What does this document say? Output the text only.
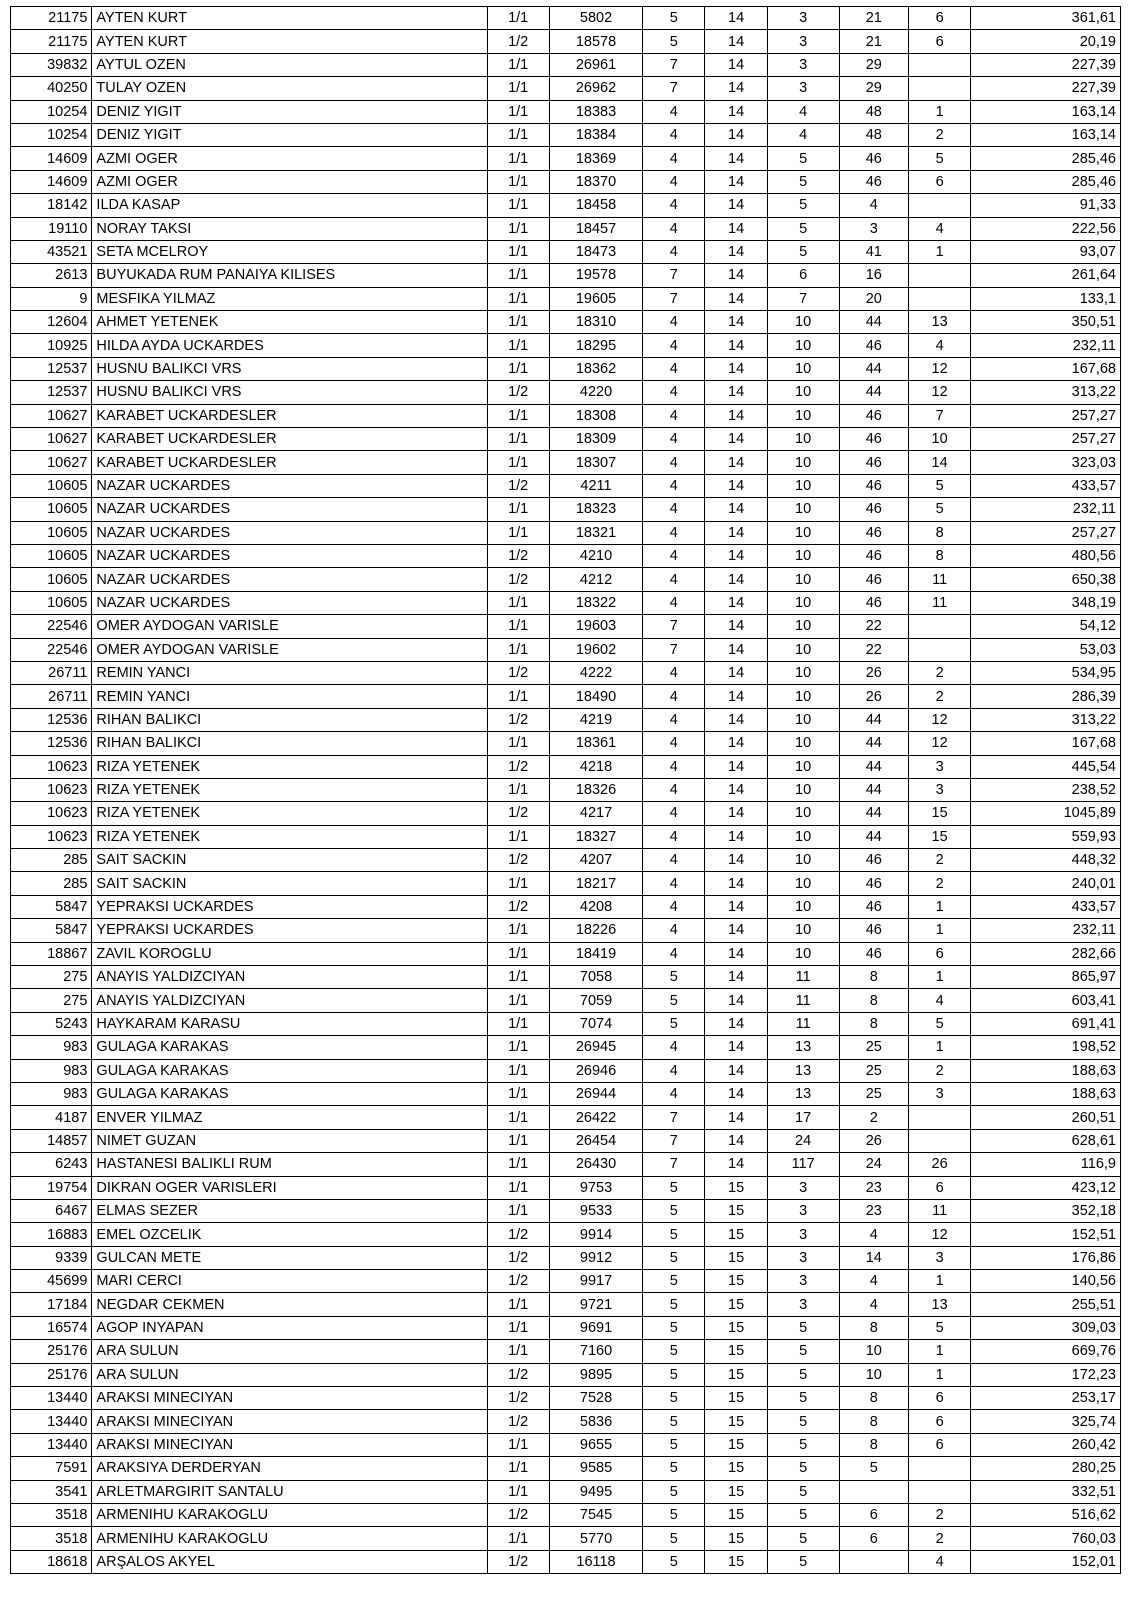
21175	AYTEN KURT	1/1	5802	5	14	3	21	6	361,61
21175	AYTEN KURT	1/2	18578	5	14	3	21	6	20,19
39832	AYTUL OZEN	1/1	26961	7	14	3	29		227,39
40250	TULAY OZEN	1/1	26962	7	14	3	29		227,39
10254	DENIZ YIGIT	1/1	18383	4	14	4	48	1	163,14
10254	DENIZ YIGIT	1/1	18384	4	14	4	48	2	163,14
14609	AZMI OGER	1/1	18369	4	14	5	46	5	285,46
14609	AZMI OGER	1/1	18370	4	14	5	46	6	285,46
18142	ILDA KASAP	1/1	18458	4	14	5	4		91,33
19110	NORAY TAKSI	1/1	18457	4	14	5	3	4	222,56
43521	SETA MCELROY	1/1	18473	4	14	5	41	1	93,07
2613	BUYUKADA RUM PANAIYA KILISES	1/1	19578	7	14	6	16		261,64
9	MESFIKA YILMAZ	1/1	19605	7	14	7	20		133,1
12604	AHMET YETENEK	1/1	18310	4	14	10	44	13	350,51
10925	HILDA AYDA UCKARDES	1/1	18295	4	14	10	46	4	232,11
12537	HUSNU BALIKCI VRS	1/1	18362	4	14	10	44	12	167,68
12537	HUSNU BALIKCI VRS	1/2	4220	4	14	10	44	12	313,22
10627	KARABET UCKARDESLER	1/1	18308	4	14	10	46	7	257,27
10627	KARABET UCKARDESLER	1/1	18309	4	14	10	46	10	257,27
10627	KARABET UCKARDESLER	1/1	18307	4	14	10	46	14	323,03
10605	NAZAR UCKARDES	1/2	4211	4	14	10	46	5	433,57
10605	NAZAR UCKARDES	1/1	18323	4	14	10	46	5	232,11
10605	NAZAR UCKARDES	1/1	18321	4	14	10	46	8	257,27
10605	NAZAR UCKARDES	1/2	4210	4	14	10	46	8	480,56
10605	NAZAR UCKARDES	1/2	4212	4	14	10	46	11	650,38
10605	NAZAR UCKARDES	1/1	18322	4	14	10	46	11	348,19
22546	OMER AYDOGAN VARISLE	1/1	19603	7	14	10	22		54,12
22546	OMER AYDOGAN VARISLE	1/1	19602	7	14	10	22		53,03
26711	REMIN YANCI	1/2	4222	4	14	10	26	2	534,95
26711	REMIN YANCI	1/1	18490	4	14	10	26	2	286,39
12536	RIHAN BALIKCI	1/2	4219	4	14	10	44	12	313,22
12536	RIHAN BALIKCI	1/1	18361	4	14	10	44	12	167,68
10623	RIZA YETENEK	1/2	4218	4	14	10	44	3	445,54
10623	RIZA YETENEK	1/1	18326	4	14	10	44	3	238,52
10623	RIZA YETENEK	1/2	4217	4	14	10	44	15	1045,89
10623	RIZA YETENEK	1/1	18327	4	14	10	44	15	559,93
285	SAIT SACKIN	1/2	4207	4	14	10	46	2	448,32
285	SAIT SACKIN	1/1	18217	4	14	10	46	2	240,01
5847	YEPRAKSI UCKARDES	1/2	4208	4	14	10	46	1	433,57
5847	YEPRAKSI UCKARDES	1/1	18226	4	14	10	46	1	232,11
18867	ZAVIL KOROGLU	1/1	18419	4	14	10	46	6	282,66
275	ANAYIS YALDIZCIYAN	1/1	7058	5	14	11	8	1	865,97
275	ANAYIS YALDIZCIYAN	1/1	7059	5	14	11	8	4	603,41
5243	HAYKARAM KARASU	1/1	7074	5	14	11	8	5	691,41
983	GULAGA KARAKAS	1/1	26945	4	14	13	25	1	198,52
983	GULAGA KARAKAS	1/1	26946	4	14	13	25	2	188,63
983	GULAGA KARAKAS	1/1	26944	4	14	13	25	3	188,63
4187	ENVER YILMAZ	1/1	26422	7	14	17	2		260,51
14857	NIMET GUZAN	1/1	26454	7	14	24	26		628,61
6243	HASTANESI BALIKLI RUM	1/1	26430	7	14	117	24	26	116,9
19754	DIKRAN OGER VARISLERI	1/1	9753	5	15	3	23	6	423,12
6467	ELMAS SEZER	1/1	9533	5	15	3	23	11	352,18
16883	EMEL OZCELIK	1/2	9914	5	15	3	4	12	152,51
9339	GULCAN METE	1/2	9912	5	15	3	14	3	176,86
45699	MARI CERCI	1/2	9917	5	15	3	4	1	140,56
17184	NEGDAR CEKMEN	1/1	9721	5	15	3	4	13	255,51
16574	AGOP INYAPAN	1/1	9691	5	15	5	8	5	309,03
25176	ARA SULUN	1/1	7160	5	15	5	10	1	669,76
25176	ARA SULUN	1/2	9895	5	15	5	10	1	172,23
13440	ARAKSI MINECIYAN	1/2	7528	5	15	5	8	6	253,17
13440	ARAKSI MINECIYAN	1/2	5836	5	15	5	8	6	325,74
13440	ARAKSI MINECIYAN	1/1	9655	5	15	5	8	6	260,42
7591	ARAKSIYA DERDERYAN	1/1	9585	5	15	5	5		280,25
3541	ARLETMARGIRIT SANTALU	1/1	9495	5	15	5			332,51
3518	ARMENIHU KARAKOGLU	1/2	7545	5	15	5	6	2	516,62
3518	ARMENIHU KARAKOGLU	1/1	5770	5	15	5	6	2	760,03
18618	ARŞALOS AKYEL	1/2	16118	5	15	5		4	152,01
